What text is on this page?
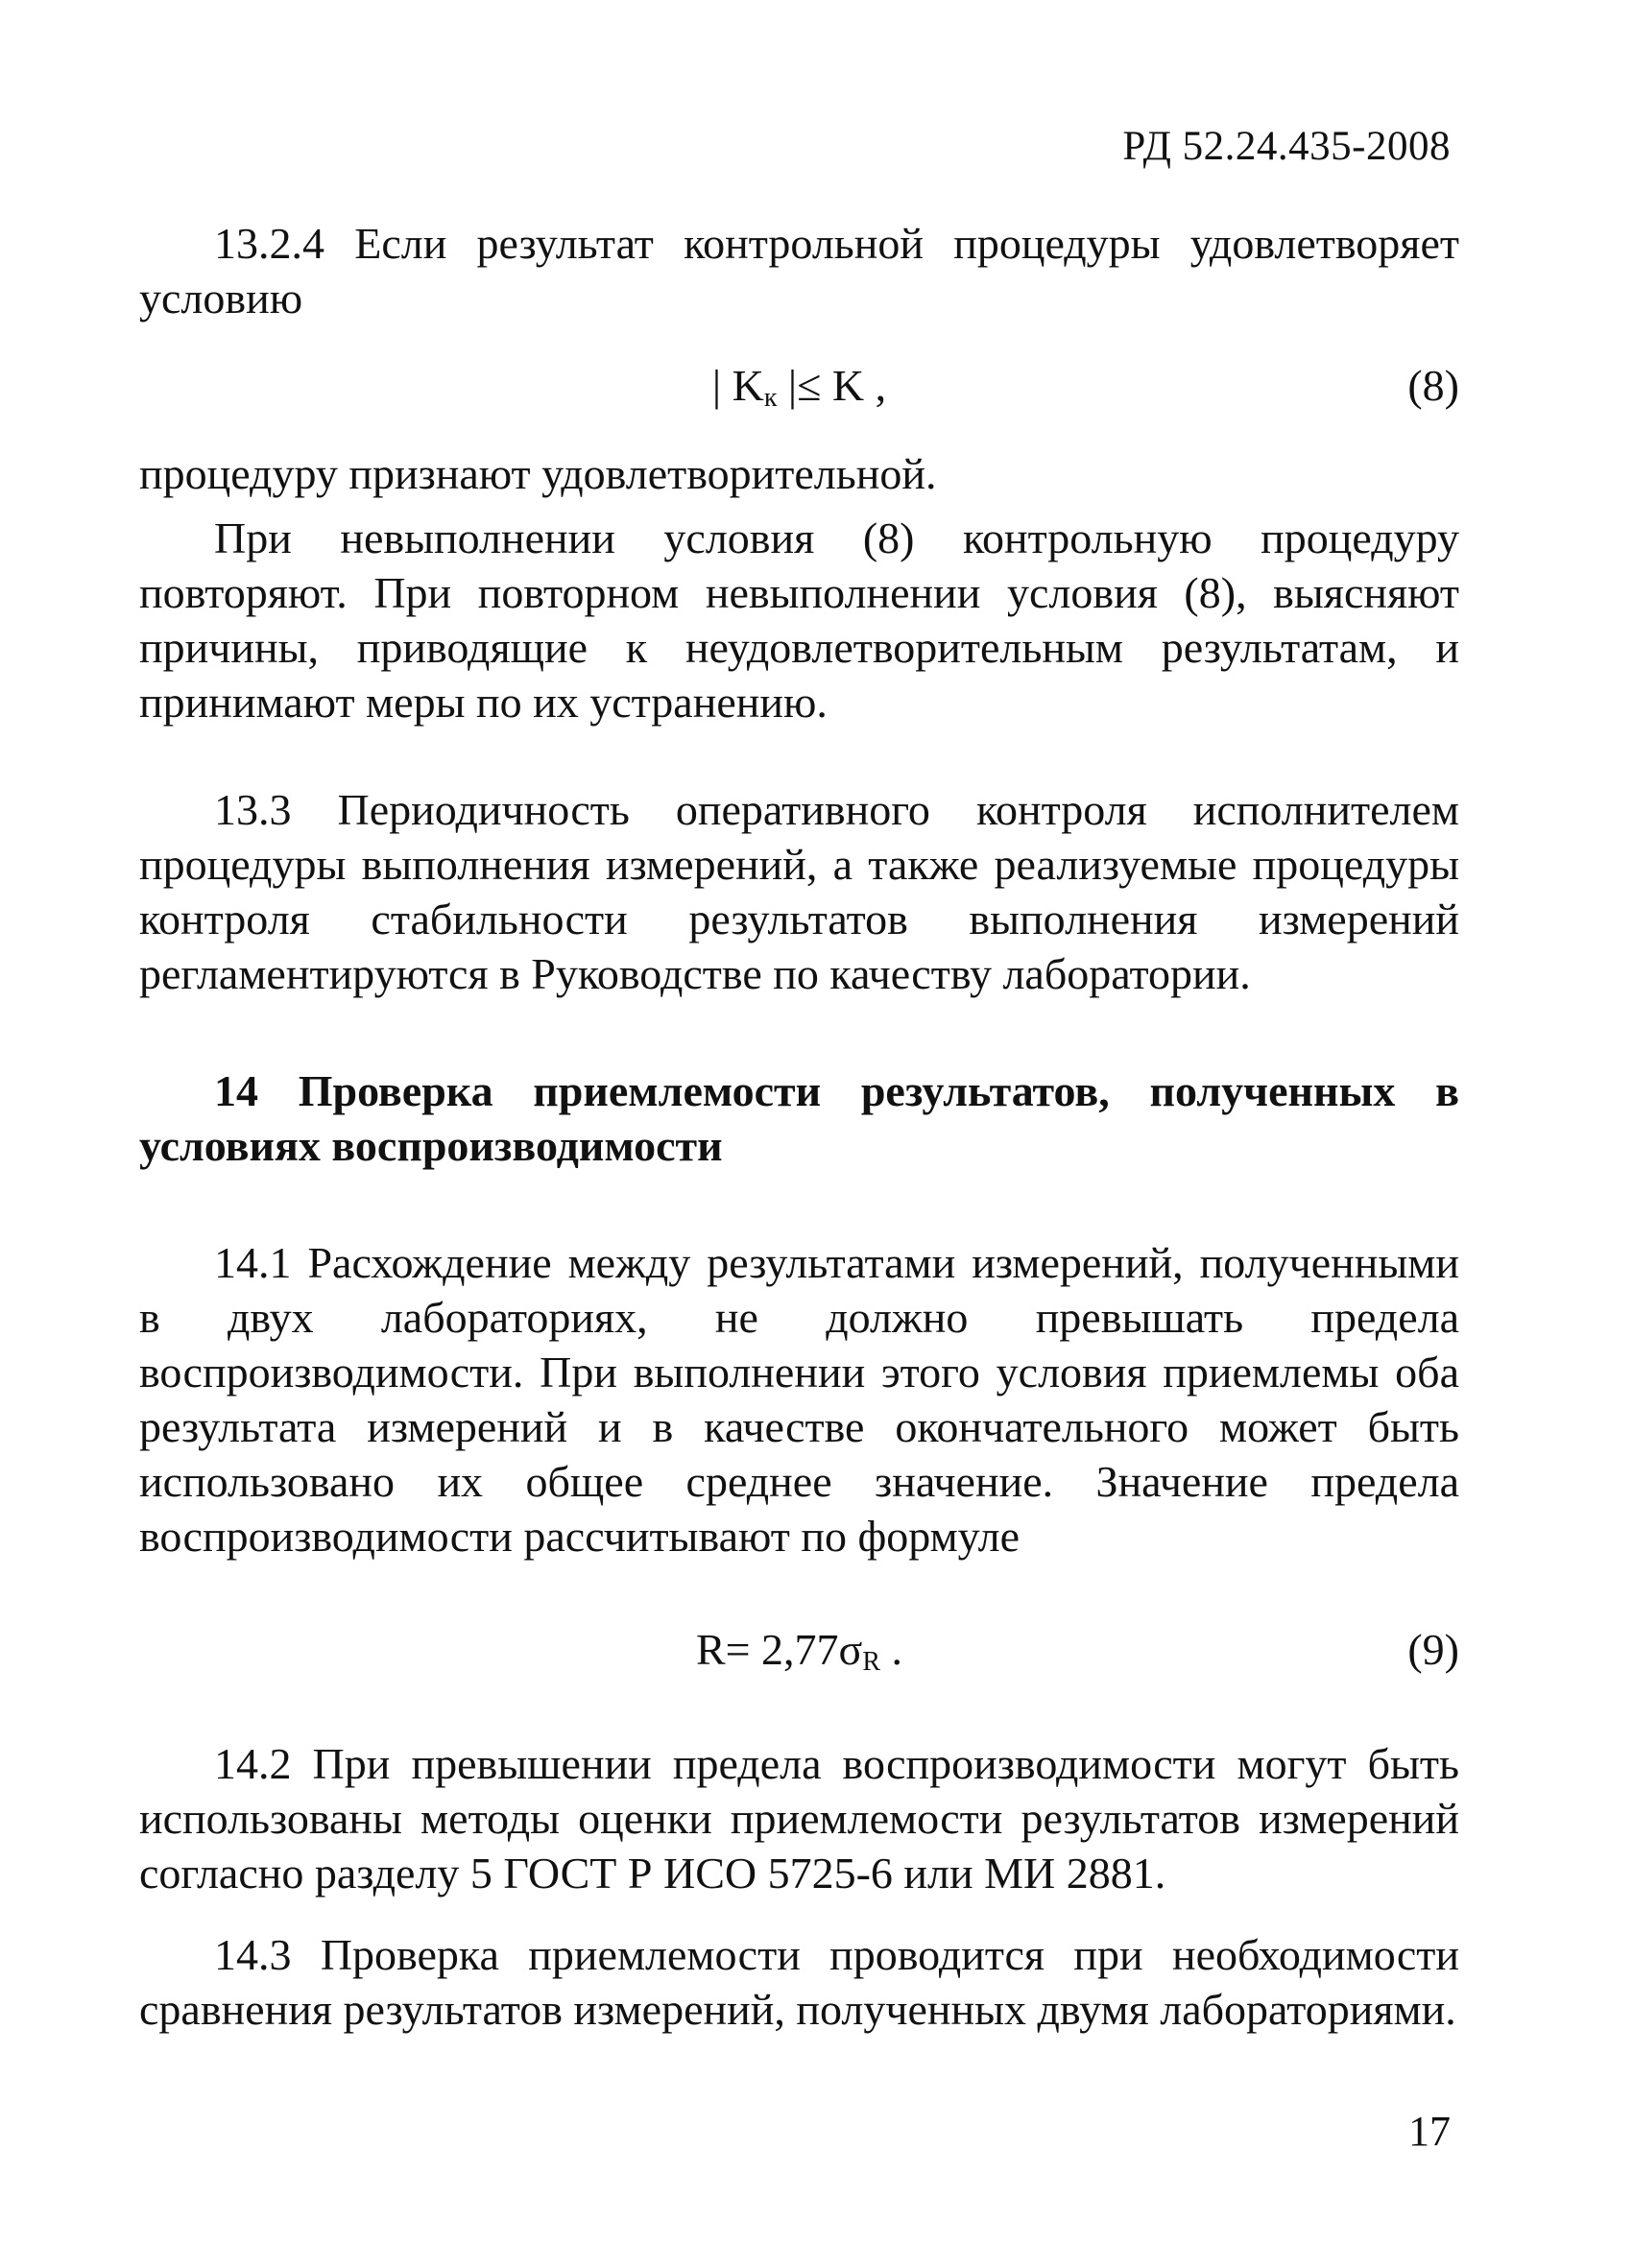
РД 52.24.435-2008

13.2.4 Если результат контрольной процедуры удовлетворяет условию

| $K_к$ |≤ K ,	(8)

процедуру признают удовлетворительной.

При невыполнении условия (8) контрольную процедуру повторяют. При повторном невыполнении условия (8), выясняют причины, приводящие к неудовлетворительным результатам, и принимают меры по их устранению.

13.3 Периодичность оперативного контроля исполнителем процедуры выполнения измерений, а также реализуемые процедуры контроля стабильности результатов выполнения измерений регламентируются в Руководстве по качеству лаборатории.

14 Проверка приемлемости результатов, полученных в условиях воспроизводимости

14.1 Расхождение между результатами измерений, полученными в двух лабораториях, не должно превышать предела воспроизводимости. При выполнении этого условия приемлемы оба результата измерений и в качестве окончательного может быть использовано их общее среднее значение. Значение предела воспроизводимости рассчитывают по формуле

$R= 2,77\sigma_R$ .	(9)

14.2 При превышении предела воспроизводимости могут быть использованы методы оценки приемлемости результатов измерений согласно разделу 5 ГОСТ Р ИСО 5725-6 или МИ 2881.

14.3 Проверка приемлемости проводится при необходимости сравнения результатов измерений, полученных двумя лабораториями.

17
